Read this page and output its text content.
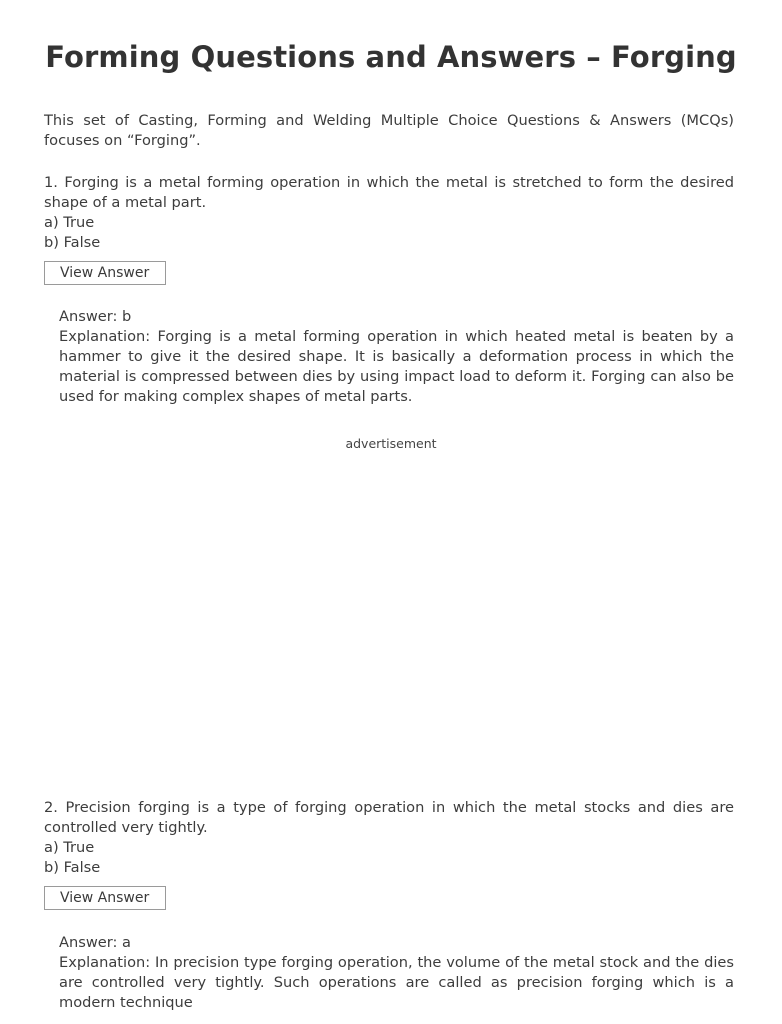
Forming Questions and Answers – Forging

This set of Casting, Forming and Welding Multiple Choice Questions & Answers (MCQs) focuses on “Forging”.

1. Forging is a metal forming operation in which the metal is stretched to form the desired shape of a metal part.

a) True

b) False

View Answer

Answer: b

Explanation: Forging is a metal forming operation in which heated metal is beaten by a hammer to give it the desired shape. It is basically a deformation process in which the material is compressed between dies by using impact load to deform it. Forging can also be used for making complex shapes of metal parts.

advertisement

2. Precision forging is a type of forging operation in which the metal stocks and dies are controlled very tightly.

a) True

b) False

View Answer

Answer: a

Explanation: In precision type forging operation, the volume of the metal stock and the dies are controlled very tightly. Such operations are called as precision forging which is a modern technique
